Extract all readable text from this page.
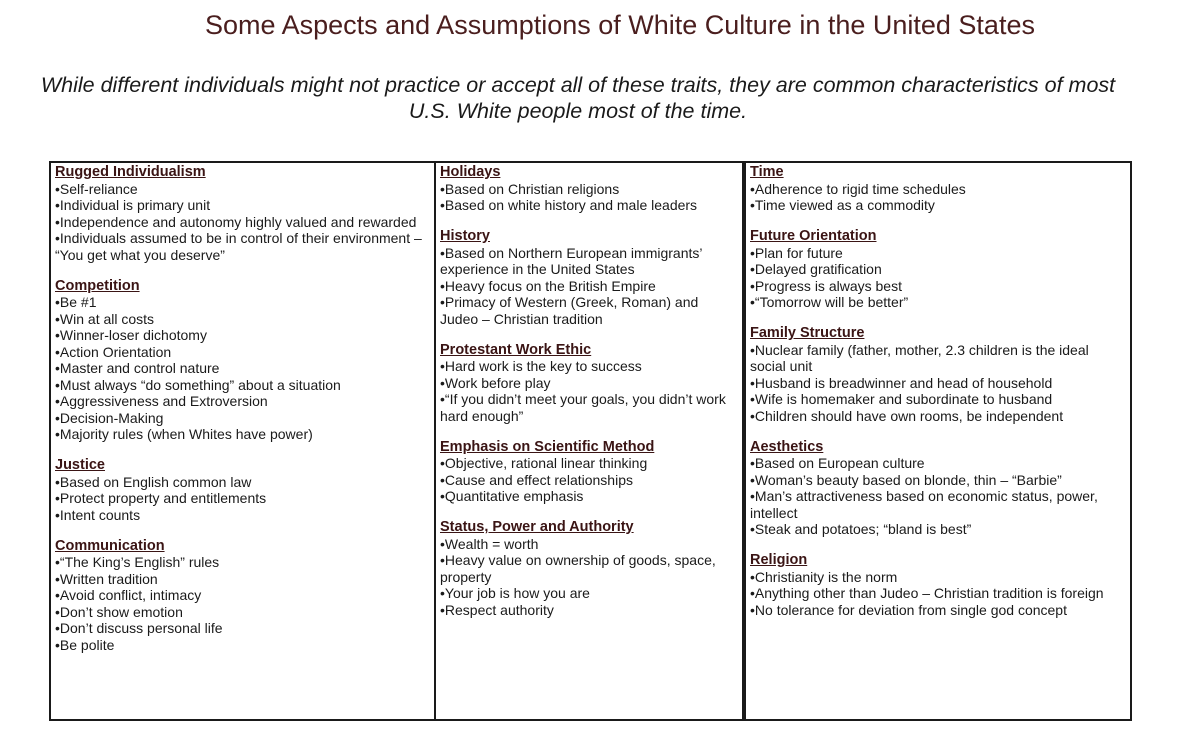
Some Aspects and Assumptions of White Culture in the United States
While different individuals might not practice or accept all of these traits, they are common characteristics of most
U.S. White people most of the time.
Rugged Individualism
•Self-reliance
•Individual is primary unit
•Independence and autonomy highly valued and rewarded
•Individuals assumed to be in control of their environment – “You get what you deserve”
Competition
•Be #1
•Win at all costs
•Winner-loser dichotomy
•Action Orientation
•Master and control nature
•Must always “do something” about a situation
•Aggressiveness and Extroversion
•Decision-Making
•Majority rules (when Whites have power)
Justice
•Based on English common law
•Protect property and entitlements
•Intent counts
Communication
•“The King’s English” rules
•Written tradition
•Avoid conflict, intimacy
•Don’t show emotion
•Don’t discuss personal life
•Be polite
Holidays
•Based on Christian religions
•Based on white history and male leaders
History
•Based on Northern European immigrants’ experience in the United States
•Heavy focus on the British Empire
•Primacy of Western (Greek, Roman) and Judeo – Christian tradition
Protestant Work Ethic
•Hard work is the key to success
•Work before play
•“If you didn’t meet your goals, you didn’t work hard enough”
Emphasis on Scientific Method
•Objective, rational linear thinking
•Cause and effect relationships
•Quantitative emphasis
Status, Power and Authority
•Wealth = worth
•Heavy value on ownership of goods, space, property
•Your job is how you are
•Respect authority
Time
•Adherence to rigid time schedules
•Time viewed as a commodity
Future Orientation
•Plan for future
•Delayed gratification
•Progress is always best
•“Tomorrow will be better”
Family Structure
•Nuclear family (father, mother, 2.3 children is the ideal social unit
•Husband is breadwinner and head of household
•Wife is homemaker and subordinate to husband
•Children should have own rooms, be independent
Aesthetics
•Based on European culture
•Woman’s beauty based on blonde, thin – “Barbie”
•Man’s attractiveness based on economic status, power, intellect
•Steak and potatoes; “bland is best”
Religion
•Christianity is the norm
•Anything other than Judeo – Christian tradition is foreign
•No tolerance for deviation from single god concept
